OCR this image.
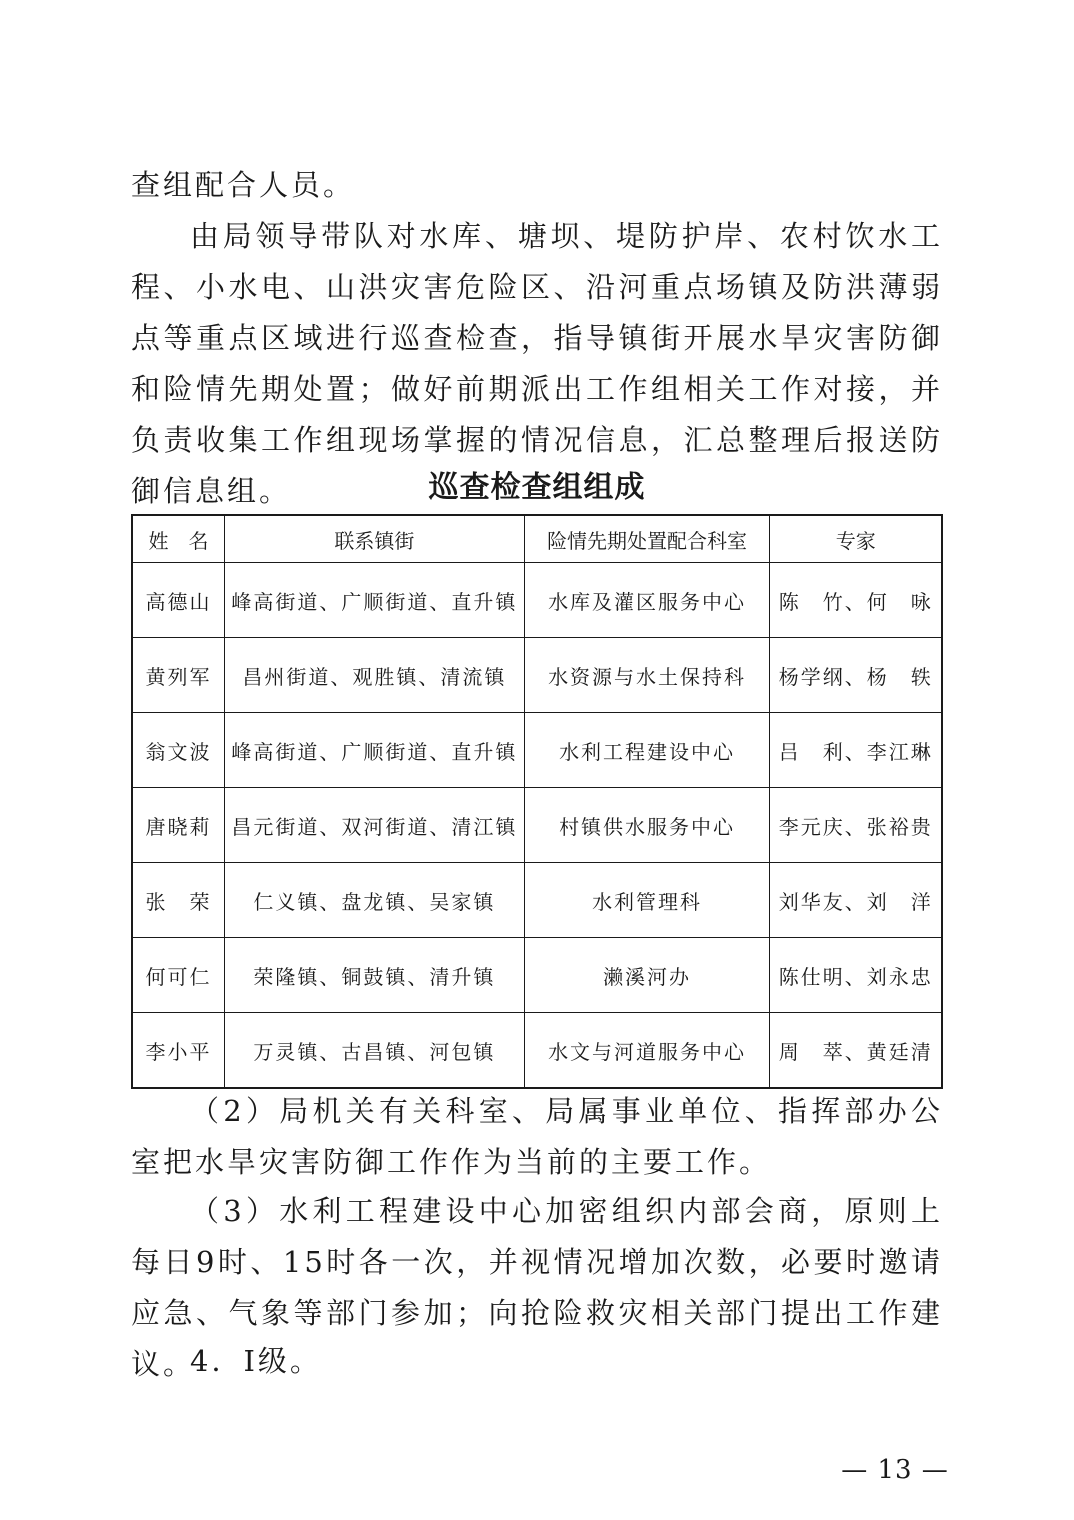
查组配合人员。

由局领导带队对水库、塘坝、堤防护岸、农村饮水工程、小水电、山洪灾害危险区、沿河重点场镇及防洪薄弱点等重点区域进行巡查检查，指导镇街开展水旱灾害防御和险情先期处置；做好前期派出工作组相关工作对接，并负责收集工作组现场掌握的情况信息，汇总整理后报送防御信息组。	巡查检查组组成
姓　名	联系镇街	险情先期处置配合科室	专家
高德山	峰高街道、广顺街道、直升镇	水库及灌区服务中心	陈　竹、何　咏
黄列军	昌州街道、观胜镇、清流镇	水资源与水土保持科	杨学纲、杨　轶
翁文波	峰高街道、广顺街道、直升镇	水利工程建设中心	吕　利、李江琳
唐晓莉	昌元街道、双河街道、清江镇	村镇供水服务中心	李元庆、张裕贵
张　荣	仁义镇、盘龙镇、吴家镇	水利管理科	刘华友、刘　洋
何可仁	荣隆镇、铜鼓镇、清升镇	濑溪河办	陈仕明、刘永忠
李小平	万灵镇、古昌镇、河包镇	水文与河道服务中心	周　萃、黄廷清

（2）局机关有关科室、局属事业单位、指挥部办公室把水旱灾害防御工作作为当前的主要工作。

（3）水利工程建设中心加密组织内部会商，原则上每日9时、15时各一次，并视情况增加次数，必要时邀请应急、气象等部门参加；向抢险救灾相关部门提出工作建议。

4．Ⅰ级。

— 13 —
